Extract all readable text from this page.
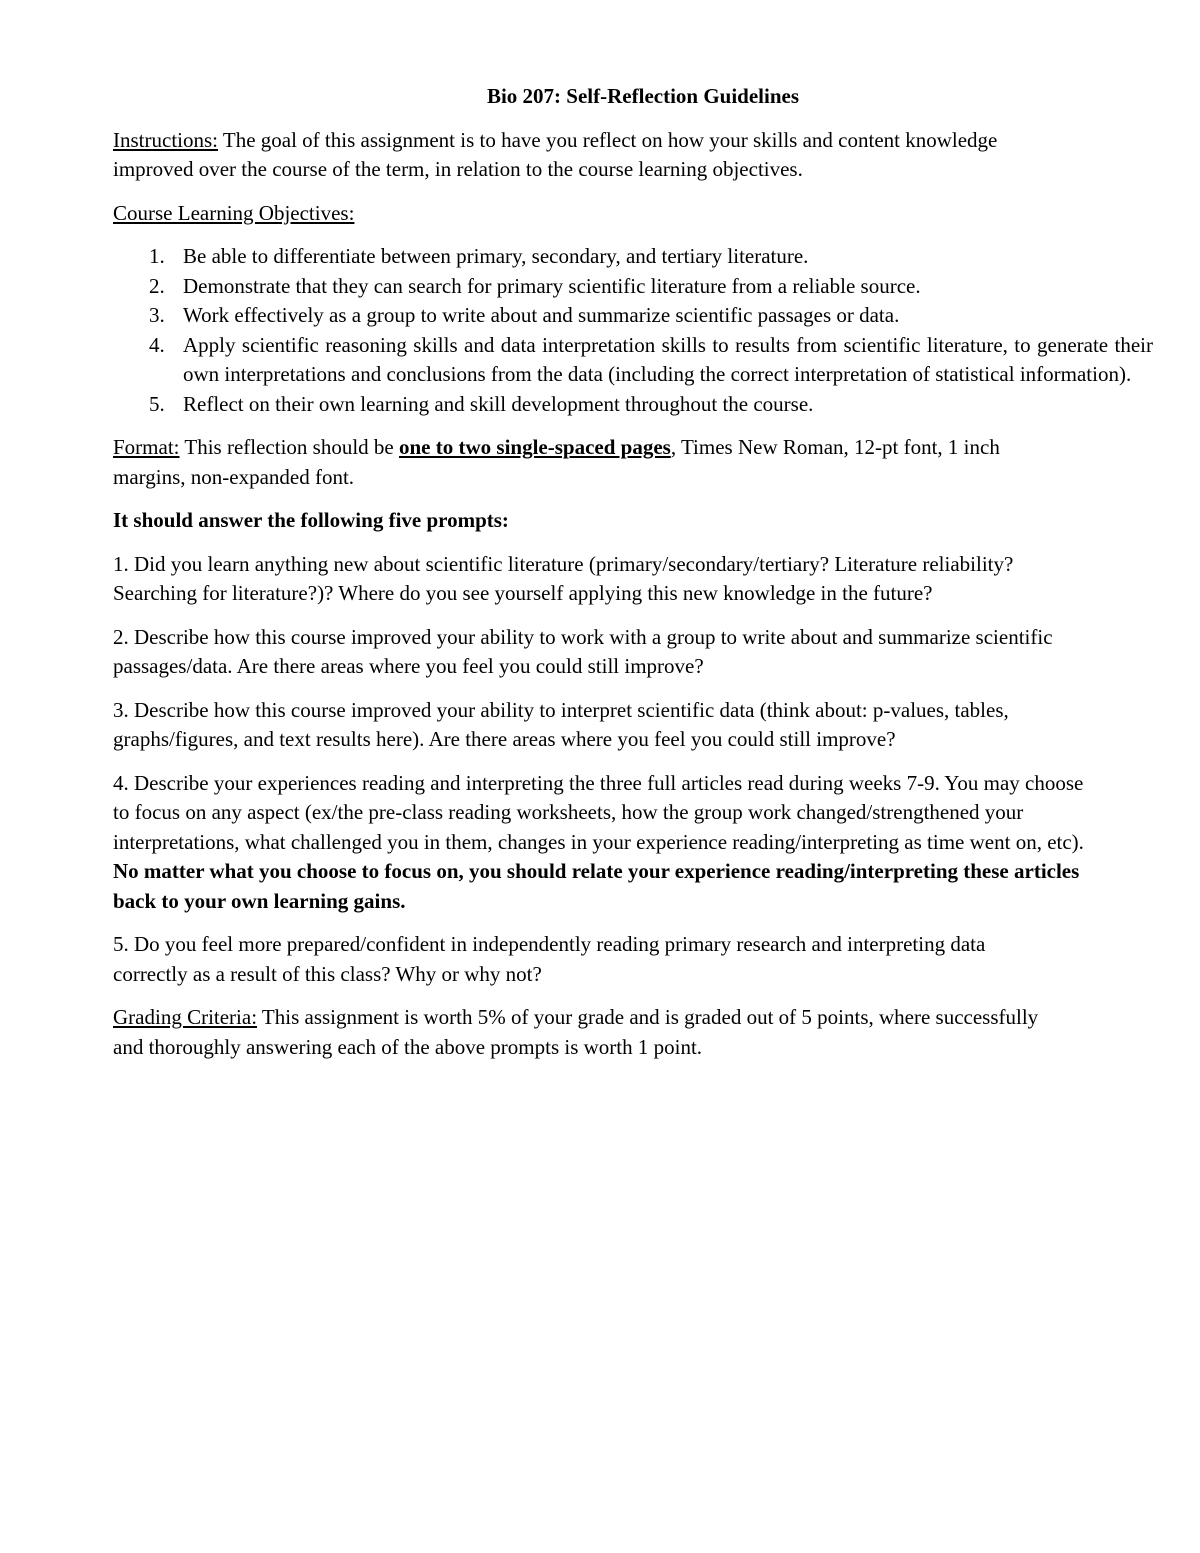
Bio 207: Self-Reflection Guidelines

Instructions: The goal of this assignment is to have you reflect on how your skills and content knowledge improved over the course of the term, in relation to the course learning objectives.

Course Learning Objectives:

1. Be able to differentiate between primary, secondary, and tertiary literature.
2. Demonstrate that they can search for primary scientific literature from a reliable source.
3. Work effectively as a group to write about and summarize scientific passages or data.
4. Apply scientific reasoning skills and data interpretation skills to results from scientific literature, to generate their own interpretations and conclusions from the data (including the correct interpretation of statistical information).
5. Reflect on their own learning and skill development throughout the course.

Format: This reflection should be one to two single-spaced pages, Times New Roman, 12-pt font, 1 inch margins, non-expanded font.

It should answer the following five prompts:

1. Did you learn anything new about scientific literature (primary/secondary/tertiary? Literature reliability? Searching for literature?)? Where do you see yourself applying this new knowledge in the future?

2. Describe how this course improved your ability to work with a group to write about and summarize scientific passages/data. Are there areas where you feel you could still improve?

3. Describe how this course improved your ability to interpret scientific data (think about: p-values, tables, graphs/figures, and text results here). Are there areas where you feel you could still improve?

4. Describe your experiences reading and interpreting the three full articles read during weeks 7-9. You may choose to focus on any aspect (ex/the pre-class reading worksheets, how the group work changed/strengthened your interpretations, what challenged you in them, changes in your experience reading/interpreting as time went on, etc). No matter what you choose to focus on, you should relate your experience reading/interpreting these articles back to your own learning gains.

5. Do you feel more prepared/confident in independently reading primary research and interpreting data correctly as a result of this class? Why or why not?

Grading Criteria: This assignment is worth 5% of your grade and is graded out of 5 points, where successfully and thoroughly answering each of the above prompts is worth 1 point.
